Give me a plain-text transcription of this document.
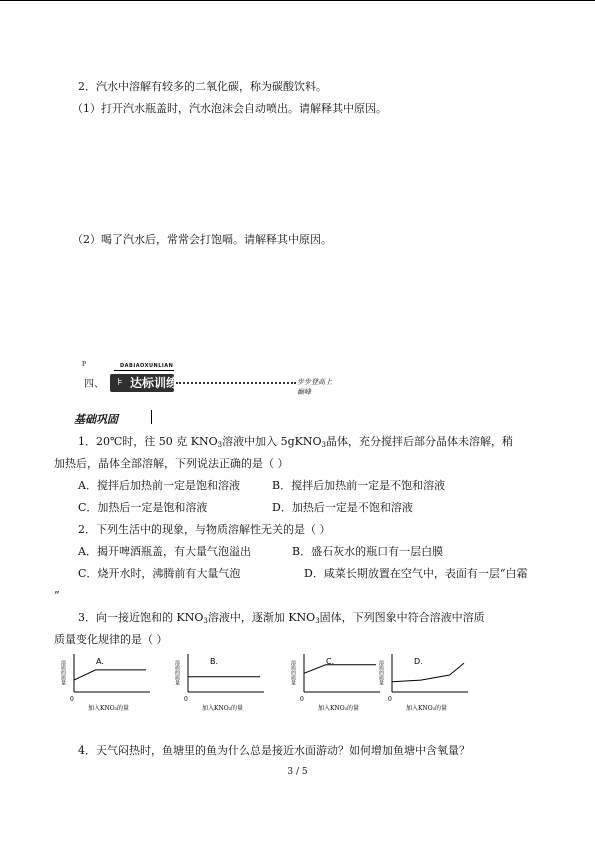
2．汽水中溶解有较多的二氧化碳，称为碳酸饮料。
（1）打开汽水瓶盖时，汽水泡沫会自动喷出。请解释其中原因。
（2）喝了汽水后，常常会打饱嗝。请解释其中原因。
P
四、
DABIAOXUNLIAN
⊧ 达标训练	步步登高上巅峰
基础巩固
1．20℃时，往 50 克 $KNO_3$溶液中加入 5gKNO$_3$晶体，充分搅拌后部分晶体未溶解，稍
加热后，晶体全部溶解，下列说法正确的是（ ）
A．搅拌后加热前一定是饱和溶液	B．搅拌后加热前一定是不饱和溶液
C．加热后一定是饱和溶液	D．加热后一定是不饱和溶液
2．下列生活中的现象，与物质溶解性无关的是（ ）
A．揭开啤酒瓶盖，有大量气泡溢出	B．盛石灰水的瓶口有一层白膜
C．烧开水时，沸腾前有大量气泡	D．咸菜长期放置在空气中，表面有一层“白霜
”
3．向一接近饱和的 $KNO_3$溶液中，逐渐加 $KNO_3$固体，下列图象中符合溶液中溶质
质量变化规律的是（ ）
A.
0
加入KNO₃的量
溶质的质量	B.
0
加入KNO₃的量
溶质的质量	C.
0
加入KNO₃的量
溶质的质量	D.
0
加入KNO₃的量
溶质的质量
4．天气闷热时，鱼塘里的鱼为什么总是接近水面游动？如何增加鱼塘中含氧量？
3 / 5
